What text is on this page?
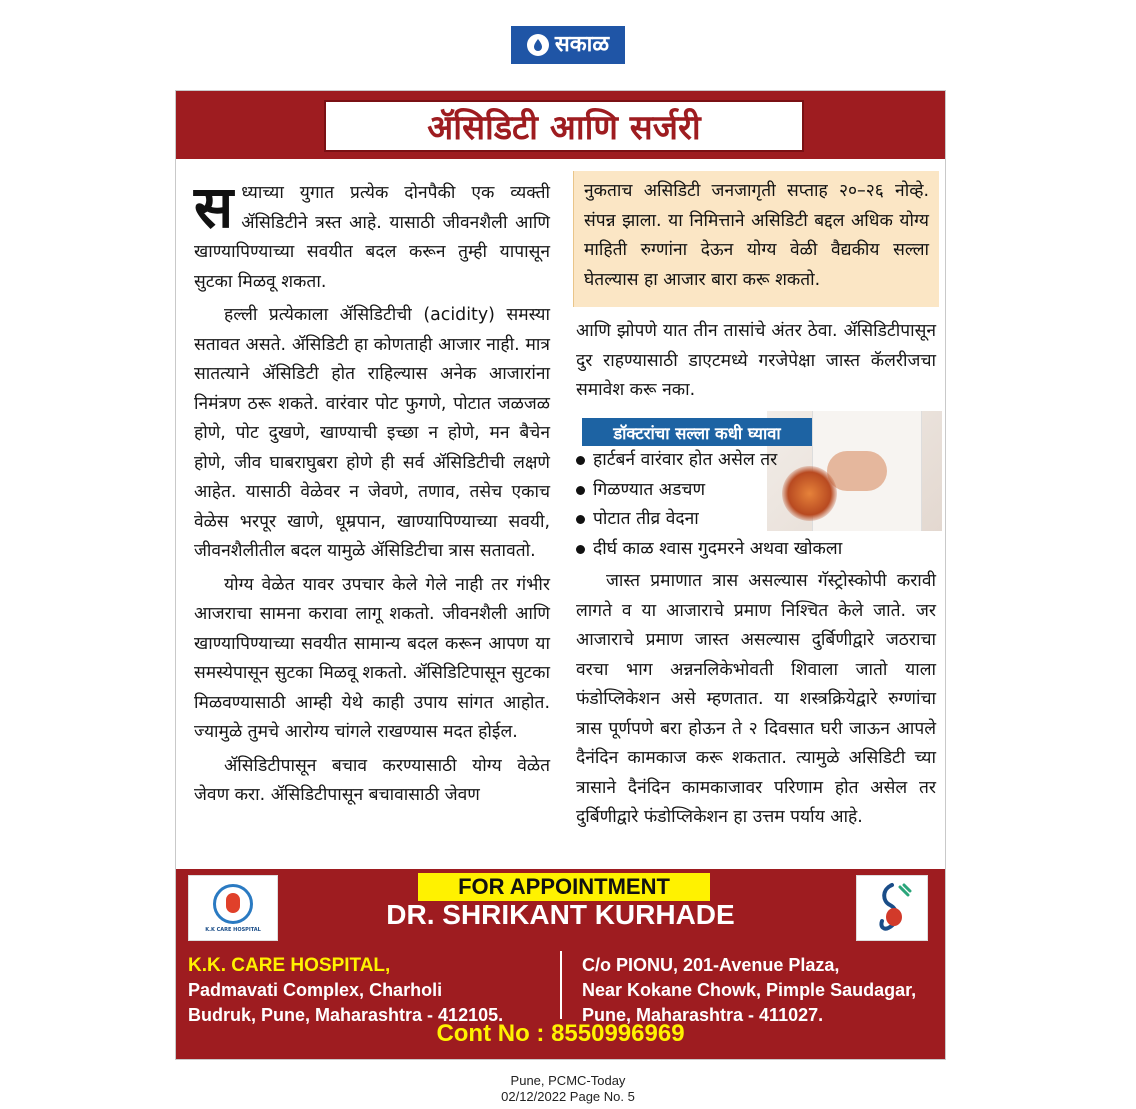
सकाळ
ॲसिडिटी आणि सर्जरी

सध्याच्या युगात प्रत्येक दोनपैकी एक व्यक्ती ॲसिडिटीने त्रस्त आहे. यासाठी जीवनशैली आणि खाण्यापिण्याच्या सवयीत बदल करून तुम्ही यापासून सुटका मिळवू शकता.

हल्ली प्रत्येकाला ॲसिडिटीची (acidity) समस्या सतावत असते. ॲसिडिटी हा कोणताही आजार नाही. मात्र सातत्याने ॲसिडिटी होत राहिल्यास अनेक आजारांना निमंत्रण ठरू शकते. वारंवार पोट फुगणे, पोटात जळजळ होणे, पोट दुखणे, खाण्याची इच्छा न होणे, मन बैचेन होणे, जीव घाबराघुबरा होणे ही सर्व ॲसिडिटीची लक्षणे आहेत. यासाठी वेळेवर न जेवणे, तणाव, तसेच एकाच वेळेस भरपूर खाणे, धूम्रपान, खाण्यापिण्याच्या सवयी, जीवनशैलीतील बदल यामुळे ॲसिडिटीचा त्रास सतावतो.

योग्य वेळेत यावर उपचार केले गेले नाही तर गंभीर आजराचा सामना करावा लागू शकतो. जीवनशैली आणि खाण्यापिण्याच्या सवयीत सामान्य बदल करून आपण या समस्येपासून सुटका मिळवू शकतो. ॲसिडिटिपासून सुटका मिळवण्यासाठी आम्ही येथे काही उपाय सांगत आहोत. ज्यामुळे तुमचे आरोग्य चांगले राखण्यास मदत होईल.

ॲसिडिटीपासून बचाव करण्यासाठी योग्य वेळेत जेवण करा. ॲसिडिटीपासून बचावासाठी जेवण

नुकताच असिडिटी जनजागृती सप्ताह २०–२६ नोव्हे. संपन्न झाला. या निमित्ताने असिडिटी बद्दल अधिक योग्य माहिती रुग्णांना देऊन योग्य वेळी वैद्यकीय सल्ला घेतल्यास हा आजार बारा करू शकतो.

आणि झोपणे यात तीन तासांचे अंतर ठेवा. ॲसिडिटीपासून दुर राहण्यासाठी डाएटमध्ये गरजेपेक्षा जास्त कॅलरीजचा समावेश करू नका.

डॉक्टरांचा सल्ला कधी घ्यावा
हार्टबर्न वारंवार होत असेल तर
गिळण्यात अडचण
पोटात तीव्र वेदना
दीर्घ काळ श्वास गुदमरने अथवा खोकला

जास्त प्रमाणात त्रास असल्यास गॅस्ट्रोस्कोपी करावी लागते व या आजाराचे प्रमाण निश्चित केले जाते. जर आजाराचे प्रमाण जास्त असल्यास दुर्बिणीद्वारे जठराचा वरचा भाग अन्ननलिकेभोवती शिवाला जातो याला फंडोप्लिकेशन असे म्हणतात. या शस्त्रक्रियेद्वारे रुग्णांचा त्रास पूर्णपणे बरा होऊन ते २ दिवसात घरी जाऊन आपले दैनंदिन कामकाज करू शकतात. त्यामुळे असिडिटी च्या त्रासाने दैनंदिन कामकाजावर परिणाम होत असेल तर दुर्बिणीद्वारे फंडोप्लिकेशन हा उत्तम पर्याय आहे.

K.K CARE HOSPITAL
FOR APPOINTMENT
DR. SHRIKANT KURHADE
K.K. CARE HOSPITAL,
Padmavati Complex, Charholi
Budruk, Pune, Maharashtra - 412105.
C/o PIONU, 201-Avenue Plaza,
Near Kokane Chowk, Pimple Saudagar,
Pune, Maharashtra - 411027.
Cont No : 8550996969
Pune, PCMC-Today
02/12/2022 Page No. 5
